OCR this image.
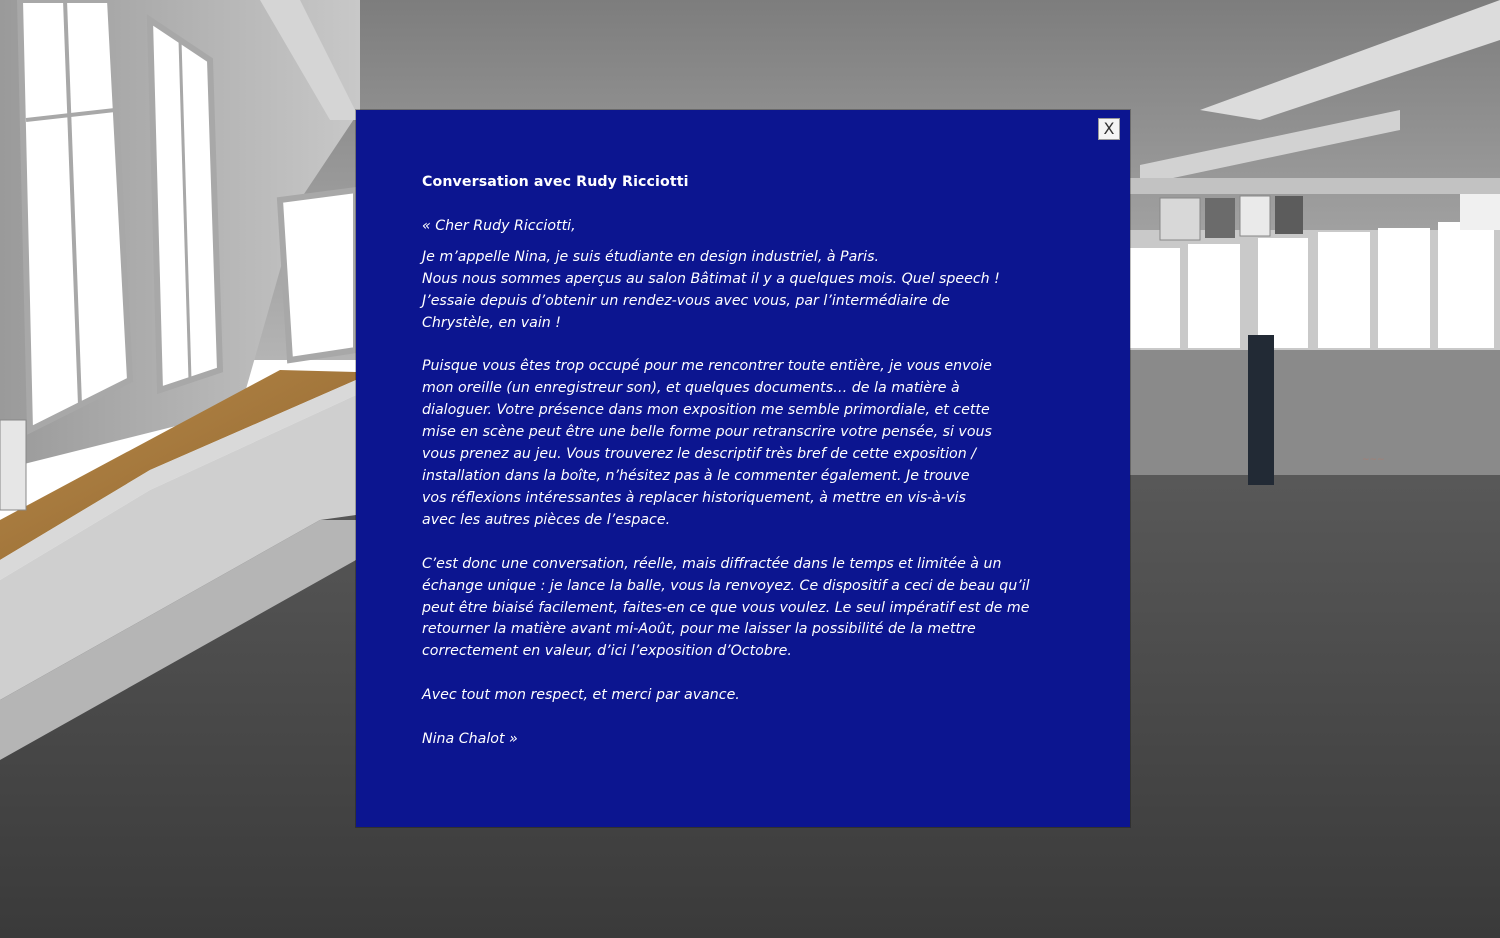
~~~
X
Conversation avec Rudy Ricciotti

« Cher Rudy Ricciotti,

Je m’appelle Nina, je suis étudiante en design industriel, à Paris.

Nous nous sommes aperçus au salon Bâtimat il y a quelques mois. Quel speech !

J’essaie depuis d’obtenir un rendez-vous avec vous, par l’intermédiaire de

Chrystèle, en vain !

Puisque vous êtes trop occupé pour me rencontrer toute entière, je vous envoie

mon oreille (un enregistreur son), et quelques documents… de la matière à

dialoguer. Votre présence dans mon exposition me semble primordiale, et cette

mise en scène peut être une belle forme pour retranscrire votre pensée, si vous

vous prenez au jeu. Vous trouverez le descriptif très bref de cette exposition /

installation dans la boîte, n’hésitez pas à le commenter également. Je trouve

vos réflexions intéressantes à replacer historiquement, à mettre en vis-à-vis

avec les autres pièces de l’espace.

C’est donc une conversation, réelle, mais diffractée dans le temps et limitée à un

échange unique : je lance la balle, vous la renvoyez. Ce dispositif a ceci de beau qu’il

peut être biaisé facilement, faites-en ce que vous voulez. Le seul impératif est de me

retourner la matière avant mi-Août, pour me laisser la possibilité de la mettre

correctement en valeur, d’ici l’exposition d’Octobre.

Avec tout mon respect, et merci par avance.

Nina Chalot »
